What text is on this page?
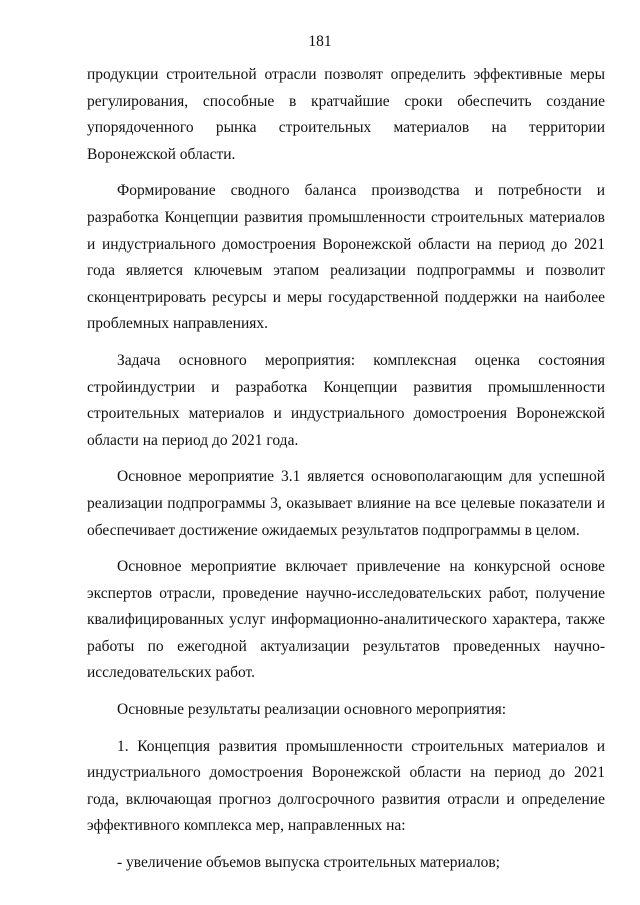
181

продукции строительной отрасли позволят определить эффективные меры регулирования, способные в кратчайшие сроки обеспечить создание упорядоченного рынка строительных материалов на территории Воронежской области.

Формирование сводного баланса производства и потребности и разработка Концепции развития промышленности строительных материалов и индустриального домостроения Воронежской области на период до 2021 года является ключевым этапом реализации подпрограммы и позволит сконцентрировать ресурсы и меры государственной поддержки на наиболее проблемных направлениях.

Задача основного мероприятия: комплексная оценка состояния стройиндустрии и разработка Концепции развития промышленности строительных материалов и индустриального домостроения Воронежской области на период до 2021 года.

Основное мероприятие 3.1 является основополагающим для успешной реализации подпрограммы 3, оказывает влияние на все целевые показатели и обеспечивает достижение ожидаемых результатов подпрограммы в целом.

Основное мероприятие включает привлечение на конкурсной основе экспертов отрасли, проведение научно-исследовательских работ, получение квалифицированных услуг информационно-аналитического характера, также работы по ежегодной актуализации результатов проведенных научно-исследовательских работ.

Основные результаты реализации основного мероприятия:

1. Концепция развития промышленности строительных материалов и индустриального домостроения Воронежской области на период до 2021 года, включающая прогноз долгосрочного развития отрасли и определение эффективного комплекса мер, направленных на:

- увеличение объемов выпуска строительных материалов;
